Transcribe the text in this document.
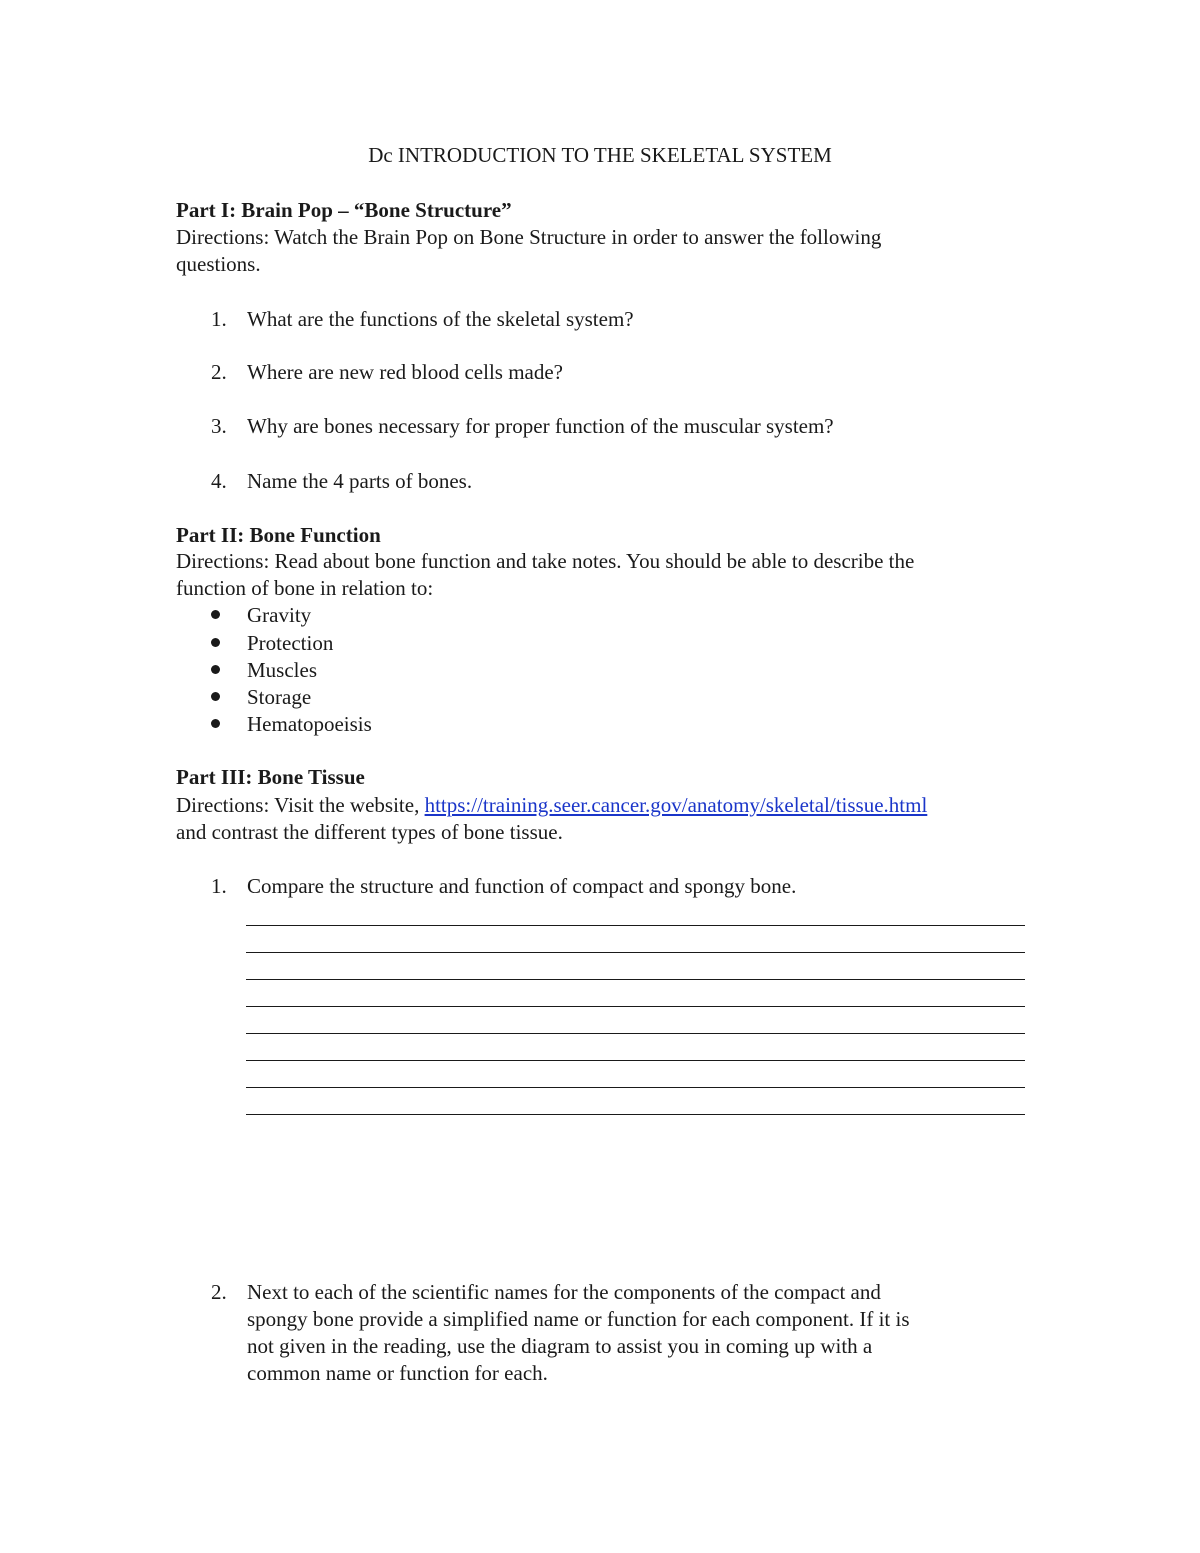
Dc INTRODUCTION TO THE SKELETAL SYSTEM
Part I: Brain Pop – “Bone Structure”
Directions: Watch the Brain Pop on Bone Structure in order to answer the following
questions.
1. What are the functions of the skeletal system?
2. Where are new red blood cells made?
3. Why are bones necessary for proper function of the muscular system?
4. Name the 4 parts of bones.
Part II: Bone Function
Directions: Read about bone function and take notes. You should be able to describe the
function of bone in relation to:
Gravity
Protection
Muscles
Storage
Hematopoeisis
Part III: Bone Tissue
Directions: Visit the website, https://training.seer.cancer.gov/anatomy/skeletal/tissue.html
and contrast the different types of bone tissue.
1. Compare the structure and function of compact and spongy bone.
2. Next to each of the scientific names for the components of the compact and
spongy bone provide a simplified name or function for each component. If it is
not given in the reading, use the diagram to assist you in coming up with a
common name or function for each.
